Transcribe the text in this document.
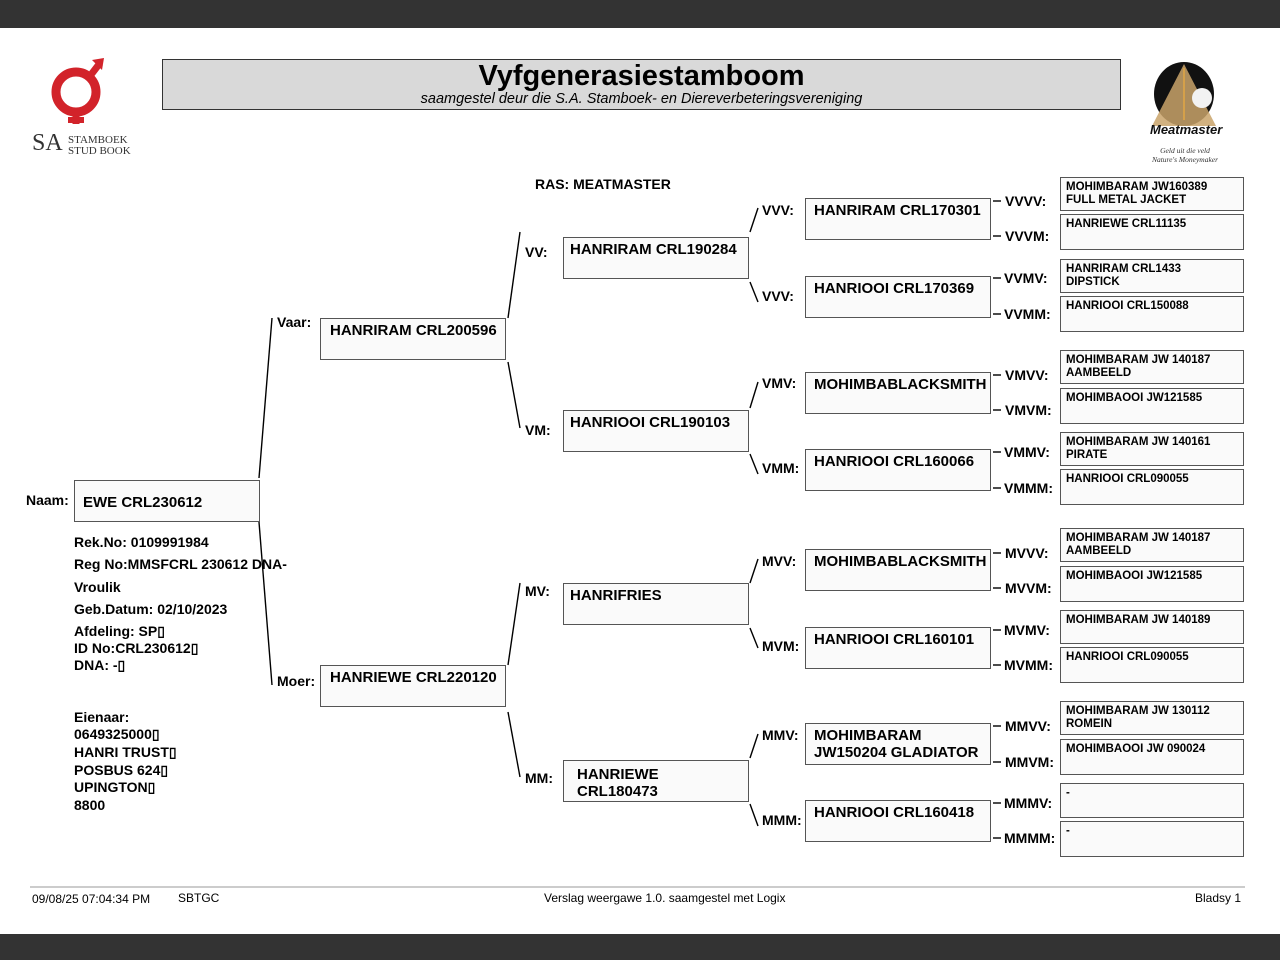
SA STAMBOEK
STUD BOOK
Vyfgenerasiestamboom
saamgestel deur die S.A. Stamboek- en Diereverbeteringsvereniging
Meatmaster
Geld uit die veld
Nature's Moneymaker
RAS: MEATMASTER
Naam: EWE CRL230612
Rek.No: 0109991984
Reg No:MMSFCRL 230612 DNA-
Vroulik
Geb.Datum: 02/10/2023
Afdeling: SP▯
ID No:CRL230612▯
DNA: -▯
Eienaar:
0649325000▯
HANRI TRUST▯
POSBUS 624▯
UPINGTON▯
8800
Vaar:	HANRIRAM CRL200596
Moer: HANRIEWE CRL220120
VV:	HANRIRAM CRL190284
VM:	HANRIOOI CRL190103
MV:	HANRIFRIES
MM:	HANRIEWE CRL180473
VVV:	HANRIRAM CRL170301
VVV:	HANRIOOI CRL170369
VMV:	MOHIMBABLACKSMITH
VMM: HANRIOOI CRL160066
MVV:	MOHIMBABLACKSMITH
MVM: HANRIOOI CRL160101
MMV: MOHIMBARAM
JW150204 GLADIATOR
MMM: HANRIOOI CRL160418
VVVV:
MOHIMBARAM JW160389
FULL METAL JACKET
VVVM:
HANRIEWE CRL11135
VVMV:
HANRIRAM CRL1433
DIPSTICK
VVMM: HANRIOOI CRL150088
VMVV:
MOHIMBARAM JW 140187
AAMBEELD
VMVM:
MOHIMBAOOI JW121585
VMMV:
MOHIMBARAM JW 140161
PIRATE
VMMM:
HANRIOOI CRL090055
MVVV:
MOHIMBARAM JW 140187
AAMBEELD
MVVM:
MOHIMBAOOI JW121585
MVMV:
MOHIMBARAM JW 140189
MVMM: HANRIOOI CRL090055
MMVV:
MOHIMBARAM JW 130112
ROMEIN
MMVM:
MOHIMBAOOI JW 090024
MMMV:
-
MMMM: -
09/08/25 07:04:34 PM SBTGC	Verslag weergawe 1.0. saamgestel met Logix	Bladsy 1
